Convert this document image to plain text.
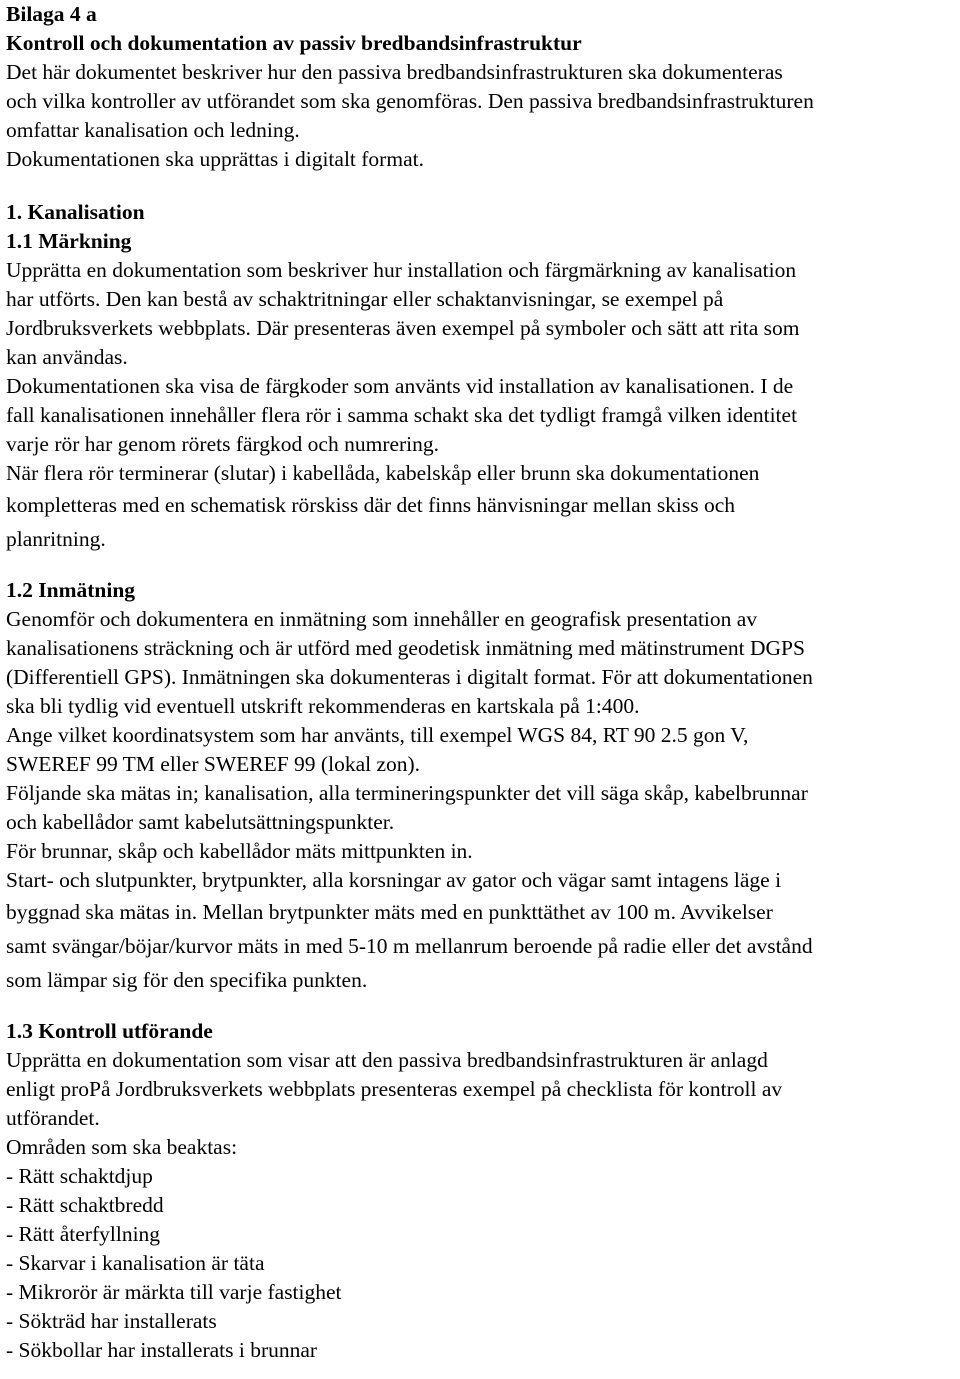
Bilaga 4 a
Kontroll och dokumentation av passiv bredbandsinfrastruktur
Det här dokumentet beskriver hur den passiva bredbandsinfrastrukturen ska dokumenteras
och vilka kontroller av utförandet som ska genomföras. Den passiva bredbandsinfrastrukturen
omfattar kanalisation och ledning.
Dokumentationen ska upprättas i digitalt format.
1. Kanalisation
1.1 Märkning
Upprätta en dokumentation som beskriver hur installation och färgmärkning av kanalisation
har utförts. Den kan bestå av schaktritningar eller schaktanvisningar, se exempel på
Jordbruksverkets webbplats. Där presenteras även exempel på symboler och sätt att rita som
kan användas.
Dokumentationen ska visa de färgkoder som använts vid installation av kanalisationen. I de
fall kanalisationen innehåller flera rör i samma schakt ska det tydligt framgå vilken identitet
varje rör har genom rörets färgkod och numrering.
När flera rör terminerar (slutar) i kabellåda, kabelskåp eller brunn ska dokumentationen
kompletteras med en schematisk rörskiss där det finns hänvisningar mellan skiss och
planritning.
1.2 Inmätning
Genomför och dokumentera en inmätning som innehåller en geografisk presentation av
kanalisationens sträckning och är utförd med geodetisk inmätning med mätinstrument DGPS
(Differentiell GPS). Inmätningen ska dokumenteras i digitalt format. För att dokumentationen
ska bli tydlig vid eventuell utskrift rekommenderas en kartskala på 1:400.
Ange vilket koordinatsystem som har använts, till exempel WGS 84, RT 90 2.5 gon V,
SWEREF 99 TM eller SWEREF 99 (lokal zon).
Följande ska mätas in; kanalisation, alla termineringspunkter det vill säga skåp, kabelbrunnar
och kabellådor samt kabelutsättningspunkter.
För brunnar, skåp och kabellådor mäts mittpunkten in.
Start- och slutpunkter, brytpunkter, alla korsningar av gator och vägar samt intagens läge i
byggnad ska mätas in. Mellan brytpunkter mäts med en punkttäthet av 100 m. Avvikelser
samt svängar/böjar/kurvor mäts in med 5-10 m mellanrum beroende på radie eller det avstånd
som lämpar sig för den specifika punkten.
1.3 Kontroll utförande
Upprätta en dokumentation som visar att den passiva bredbandsinfrastrukturen är anlagd
enligt proPå Jordbruksverkets webbplats presenteras exempel på checklista för kontroll av
utförandet.
Områden som ska beaktas:
- Rätt schaktdjup
- Rätt schaktbredd
- Rätt återfyllning
- Skarvar i kanalisation är täta
- Mikrorör är märkta till varje fastighet
- Sökträd har installerats
- Sökbollar har installerats i brunnar
